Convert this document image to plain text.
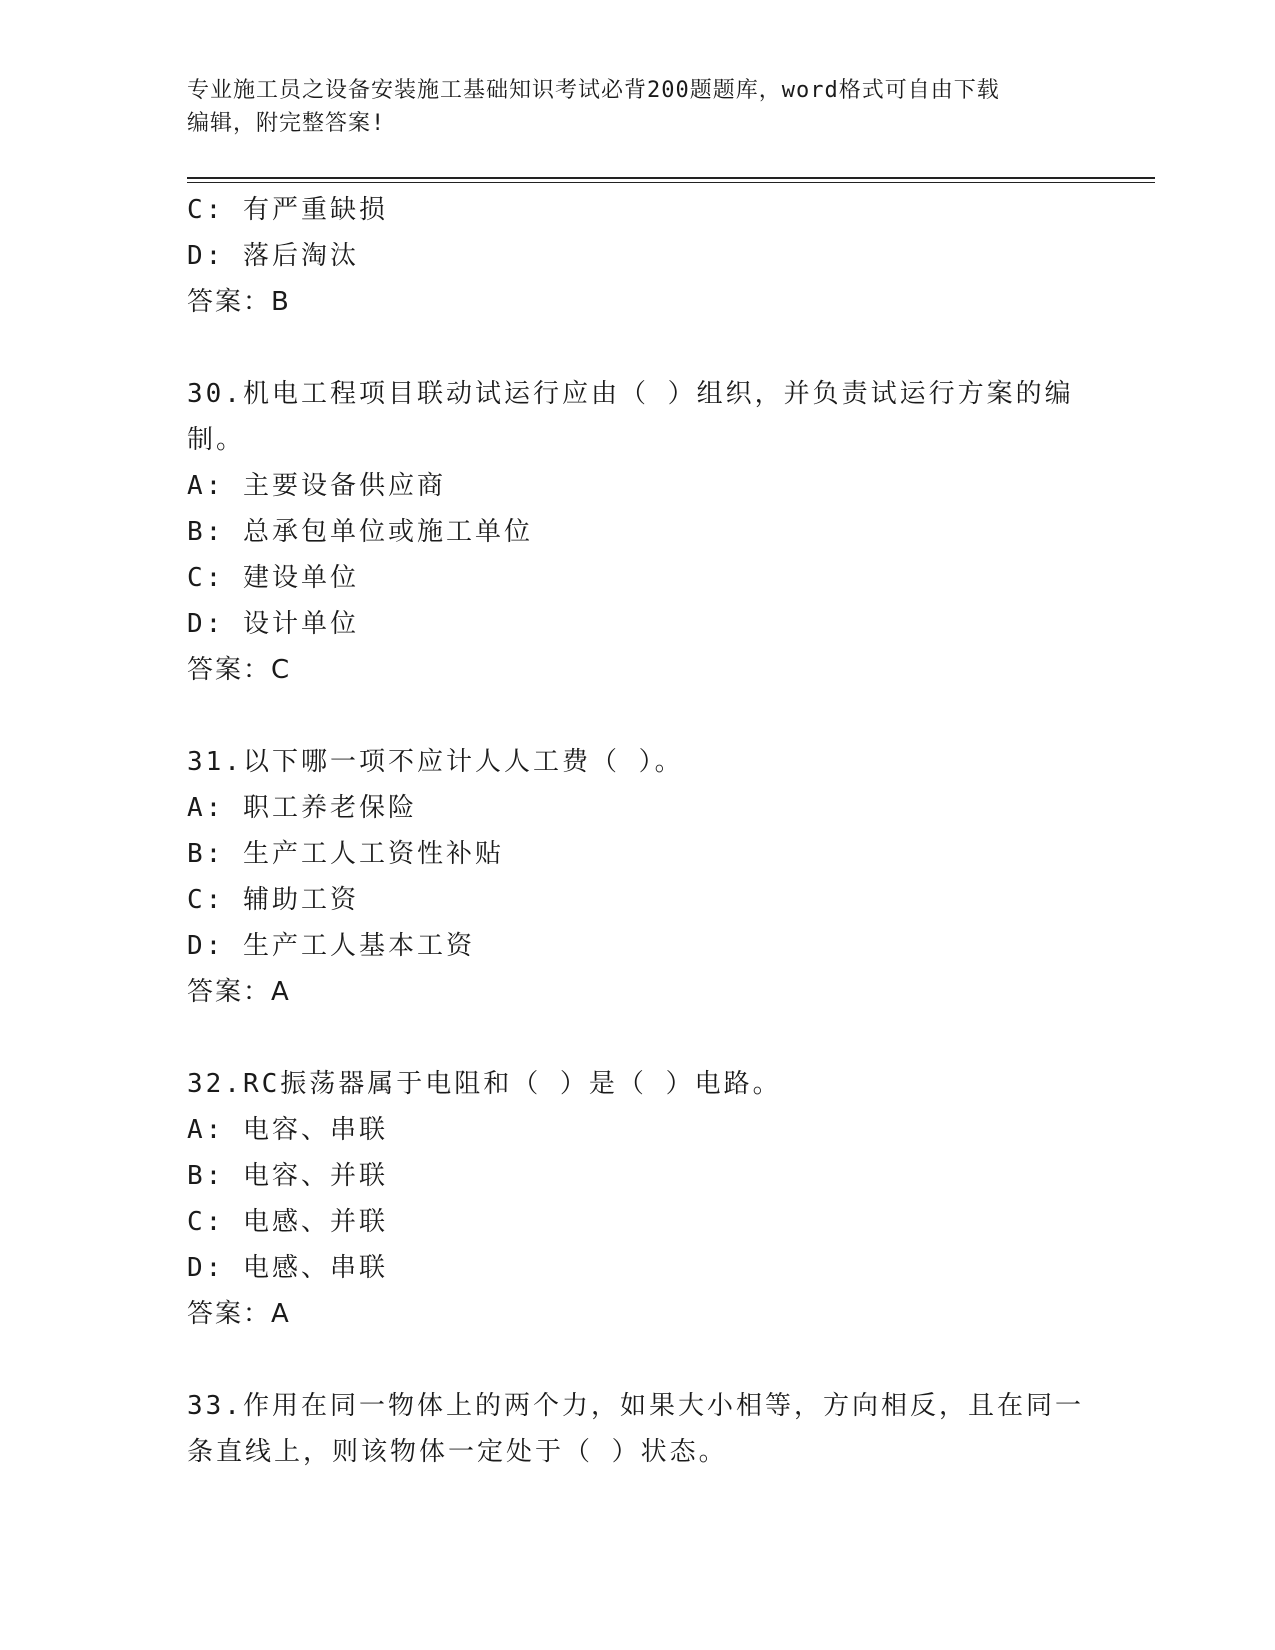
专业施工员之设备安装施工基础知识考试必背200题题库，word格式可自由下载
编辑，附完整答案!
C: 有严重缺损
D: 落后淘汰
答案：B
30.机电工程项目联动试运行应由（ ）组织，并负责试运行方案的编
制。
A: 主要设备供应商
B: 总承包单位或施工单位
C: 建设单位
D: 设计单位
答案：C
31.以下哪一项不应计人人工费（ ）。
A: 职工养老保险
B: 生产工人工资性补贴
C: 辅助工资
D: 生产工人基本工资
答案：A
32.RC振荡器属于电阻和（ ）是（ ）电路。
A: 电容、串联
B: 电容、并联
C: 电感、并联
D: 电感、串联
答案：A
33.作用在同一物体上的两个力，如果大小相等，方向相反，且在同一
条直线上，则该物体一定处于（ ）状态。
